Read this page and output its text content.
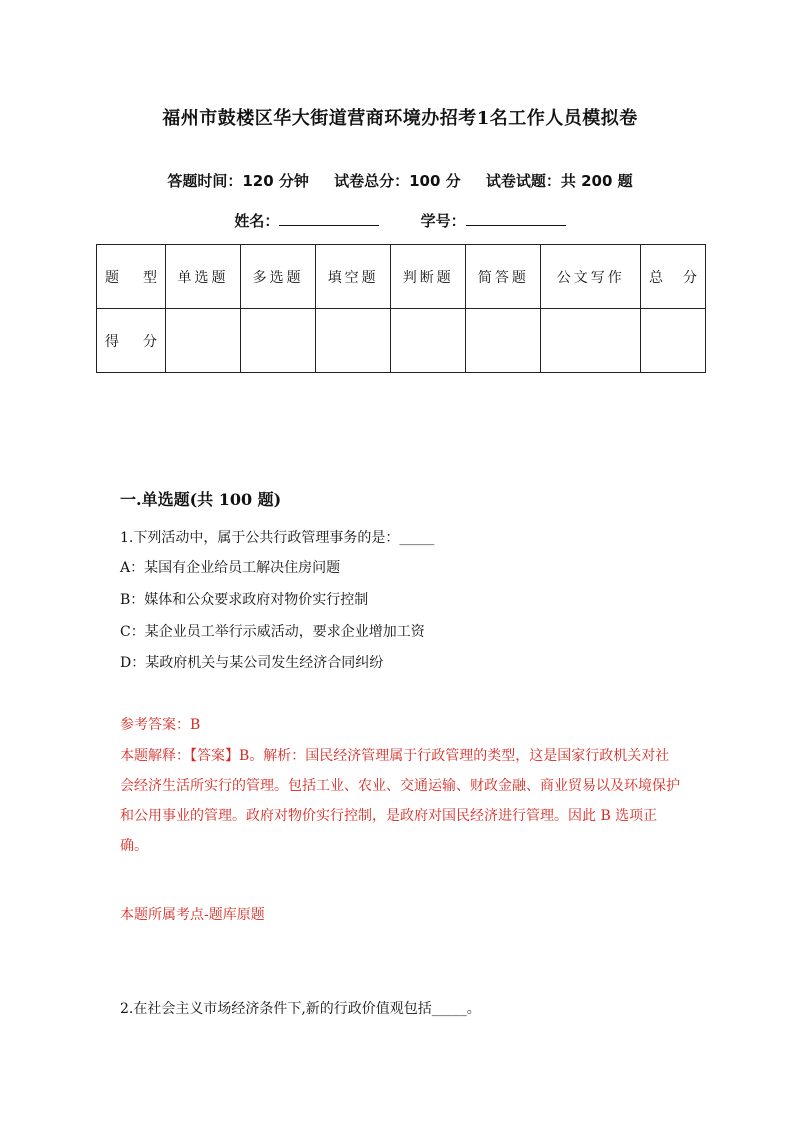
福州市鼓楼区华大街道营商环境办招考1名工作人员模拟卷
答题时间：120 分钟 试卷总分：100 分 试卷试题：共 200 题
姓名：	学号：
题 型	单选题	多选题	填空题	判断题	简答题	公文写作	总 分

得 分							

一.单选题(共 100 题)
1.下列活动中，属于公共行政管理事务的是：_____
A：某国有企业给员工解决住房问题
B：媒体和公众要求政府对物价实行控制
C：某企业员工举行示威活动，要求企业增加工资
D：某政府机关与某公司发生经济合同纠纷
参考答案：B
本题解释：【答案】B。解析：国民经济管理属于行政管理的类型，这是国家行政机关对社会经济生活所实行的管理。包括工业、农业、交通运输、财政金融、商业贸易以及环境保护和公用事业的管理。政府对物价实行控制，是政府对国民经济进行管理。因此 B 选项正确。
本题所属考点-题库原题
2.在社会主义市场经济条件下,新的行政价值观包括_____。
